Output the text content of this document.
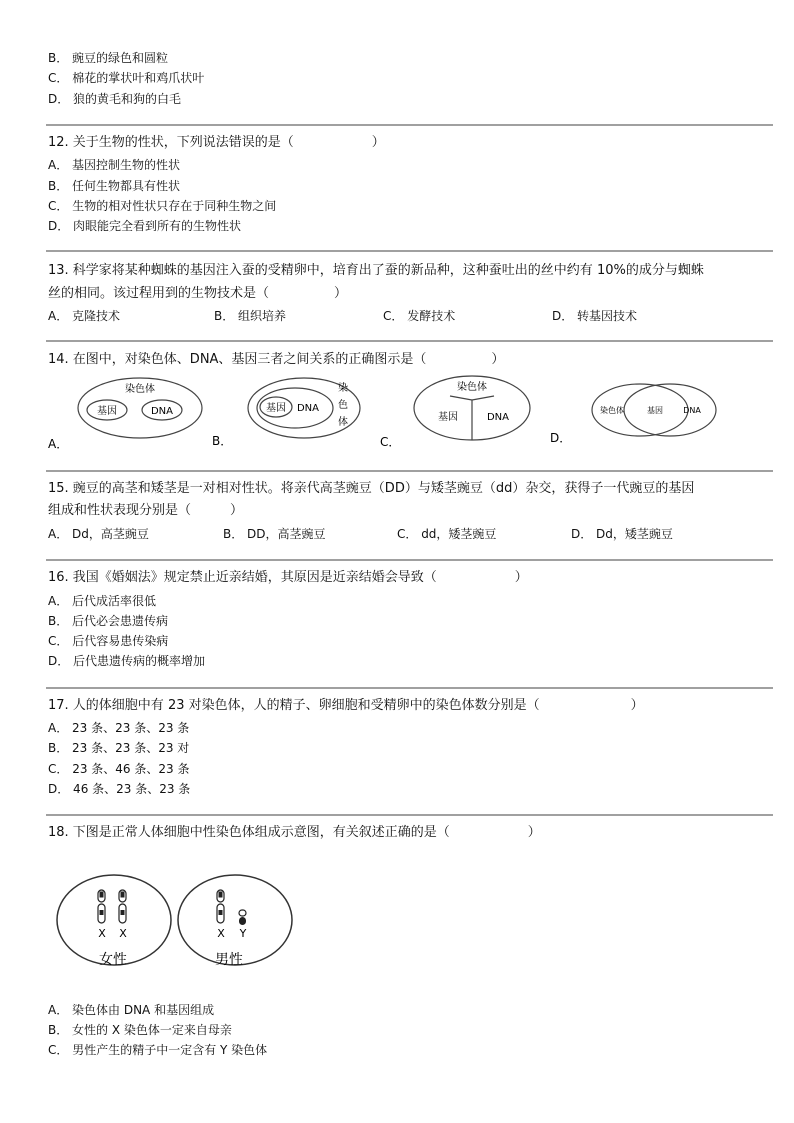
B． 豌豆的绿色和圆粒
C． 棉花的掌状叶和鸡爪状叶
D． 狼的黄毛和狗的白毛
12. 关于生物的性状，下列说法错误的是（　　　　　　）
A． 基因控制生物的性状
B． 任何生物都具有性状
C． 生物的相对性状只存在于同种生物之间
D． 肉眼能完全看到所有的生物性状
13. 科学家将某种蜘蛛的基因注入蚕的受精卵中，培育出了蚕的新品种，这种蚕吐出的丝中约有 10%的成分与蜘蛛
丝的相同。该过程用到的生物技术是（　　　　　）

A． 克隆技术

	B． 组织培养

	C． 发酵技术

	D． 转基因技术

14. 在图中，对染色体、DNA、基因三者之间关系的正确图示是（　　　　　）
染色体
基因	DNA
A．
基因 DNA
染
色
体
B．
染色体
基因	DNA
C．
染色体	基因	DNA
D．
15. 豌豆的高茎和矮茎是一对相对性状。将亲代高茎豌豆（DD）与矮茎豌豆（dd）杂交，获得子一代豌豆的基因
组成和性状表现分别是（　　　）

A． Dd，高茎豌豆

	B． DD，高茎豌豆

	C． dd，矮茎豌豆

	D． Dd，矮茎豌豆

16. 我国《婚姻法》规定禁止近亲结婚，其原因是近亲结婚会导致（　　　　　　）
A． 后代成活率很低
B． 后代必会患遗传病
C． 后代容易患传染病
D． 后代患遗传病的概率增加
17. 人的体细胞中有 23 对染色体，人的精子、卵细胞和受精卵中的染色体数分别是（　　　　　　　）
A． 23 条、23 条、23 条
B． 23 条、23 条、23 对
C． 23 条、46 条、23 条
D． 46 条、23 条、23 条
18. 下图是正常人体细胞中性染色体组成示意图，有关叙述正确的是（　　　　　　）
X X
女性
X Y
男性
A． 染色体由 DNA 和基因组成
B． 女性的 X 染色体一定来自母亲
C． 男性产生的精子中一定含有 Y 染色体
